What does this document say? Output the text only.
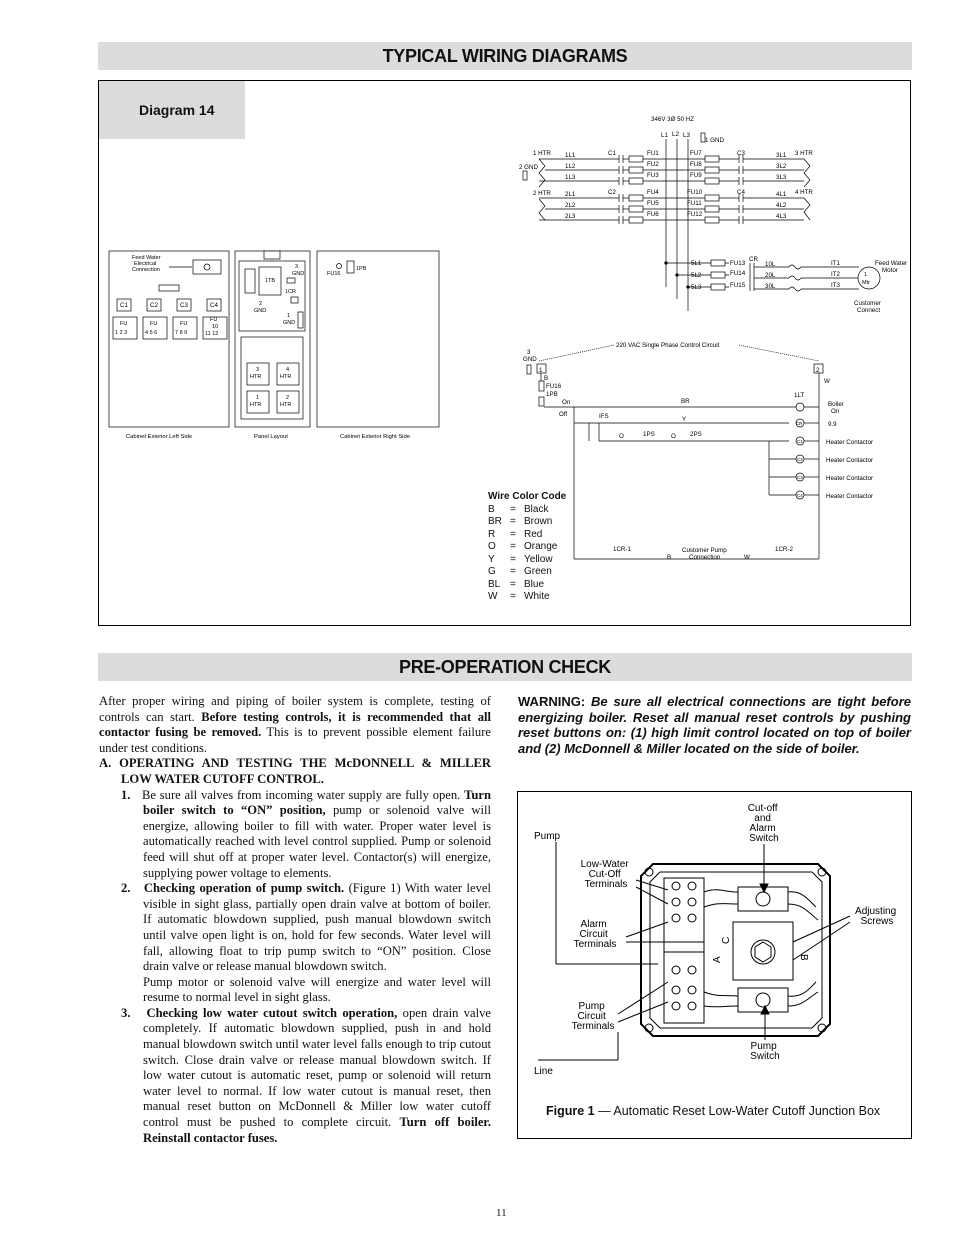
TYPICAL WIRING DIAGRAMS
Diagram 14
346V 3Ø 50 HZ
L1 L2 L3
1 GND
1 HTR 1L1
1L2
1L3
2 GND
2 HTR 2L1
2L2
2L3
C1
C2
FU1
FU2
FU3
FU4
FU5
FU6
FU7
FU8
FU9
FU10
FU11
FU12
C3
C4
3L1
3L2
3L3
4L1
4L2
4L3
3 HTR
4 HTR
5L1
5L2
5L3
FU13
FU14
FU15
CR
10L
20L
30L
IT1
IT2
IT3
1
Mtr
Feed Water Motor
Customer Connect
220 VAC Single Phase Control Circuit
3 GND
1	2
B
FU16
1PB
On
Off
W
BR
1LT
Boiler On
IFS	Y
CR	9.9
O	1PS	O 2PS
C1
C2
C3
C4
Heater Contactor
Heater Contactor
Heater Contactor
Heater Contactor
1CR-1	1CR-2
B	W
Customer Pump Connection
Feed Water Electrical Connection
C1	C2	C3	C4
FU
1 2 3
FU
4 5 6
FU
7 8 9
FU
10
11 12
Cabinet Exterior Left Side
1TB
3
GND
1CR
2
GND
1
GND
3
HTR
4
HTR
1
HTR
2
HTR
Panel Layout
FU16
1PB
Cabinet Exterior Right Side
Wire Color Code
B = Black
BR = Brown
R = Red
O = Orange
Y = Yellow
G = Green
BL = Blue
W = White
PRE-OPERATION CHECK

After proper wiring and piping of boiler system is complete, testing of controls can start. Before testing controls, it is recommended that all contactor fusing be removed. This is to prevent possible element failure under test conditions.

A. OPERATING AND TESTING THE McDONNELL & MILLER LOW WATER CUTOFF CONTROL.

1. Be sure all valves from incoming water supply are fully open. Turn boiler switch to “ON” position, pump or solenoid valve will energize, allowing boiler to fill with water. Proper water level is automatically reached with level control supplied. Pump or solenoid feed will shut off at proper water level. Contactor(s) will energize, supplying power voltage to elements.

2. Checking operation of pump switch. (Figure 1) With water level visible in sight glass, partially open drain valve at bottom of boiler. If automatic blowdown supplied, push manual blowdown switch until valve open light is on, hold for few seconds. Water level will fall, allowing float to trip pump switch to “ON” position. Close drain valve or release manual blowdown switch.

Pump motor or solenoid valve will energize and water level will resume to normal level in sight glass.

3. Checking low water cutout switch operation, open drain valve completely. If automatic blowdown supplied, push in and hold manual blowdown switch until water level falls enough to trip cutout switch. Close drain valve or release manual blowdown switch. If low water cutout is automatic reset, pump or solenoid will return water level to normal. If low water cutout is manual reset, then manual reset button on McDonnell & Miller low water cutoff control must be pushed to complete circuit. Turn off boiler. Reinstall contactor fuses.

WARNING: Be sure all electrical connections are tight before energizing boiler. Reset all manual reset controls by pushing reset buttons on: (1) high limit control located on top of boiler and (2) McDonnell & Miller located on the side of boiler.
Pump
Line
Cut-off and Alarm Switch
Low-Water Cut-Off Terminals
Alarm Circuit Terminals
Pump Circuit Terminals
Pump Switch
Adjusting Screws
A
C
B
Figure 1 — Automatic Reset Low-Water Cutoff Junction Box
11
